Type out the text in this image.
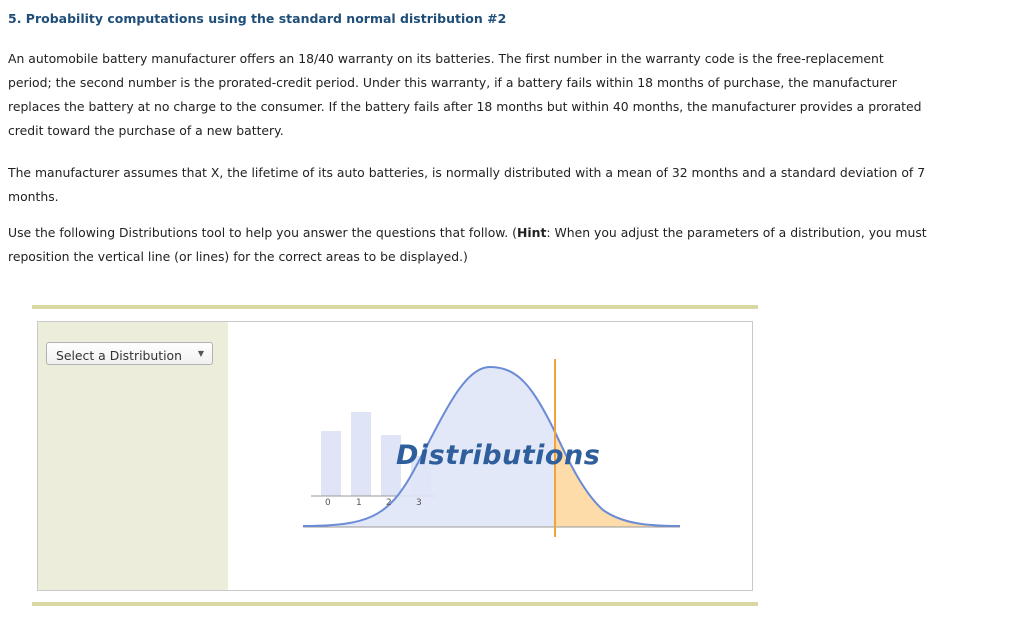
5. Probability computations using the standard normal distribution #2
An automobile battery manufacturer offers an 18/40 warranty on its batteries. The first number in the warranty code is the free-replacement period; the second number is the prorated-credit period. Under this warranty, if a battery fails within 18 months of purchase, the manufacturer replaces the battery at no charge to the consumer. If the battery fails after 18 months but within 40 months, the manufacturer provides a prorated credit toward the purchase of a new battery.
The manufacturer assumes that X, the lifetime of its auto batteries, is normally distributed with a mean of 32 months and a standard deviation of 7 months.
Use the following Distributions tool to help you answer the questions that follow. (Hint: When you adjust the parameters of a distribution, you must reposition the vertical line (or lines) for the correct areas to be displayed.)
Select a Distribution ▼
0	1	2	3
Distributions
